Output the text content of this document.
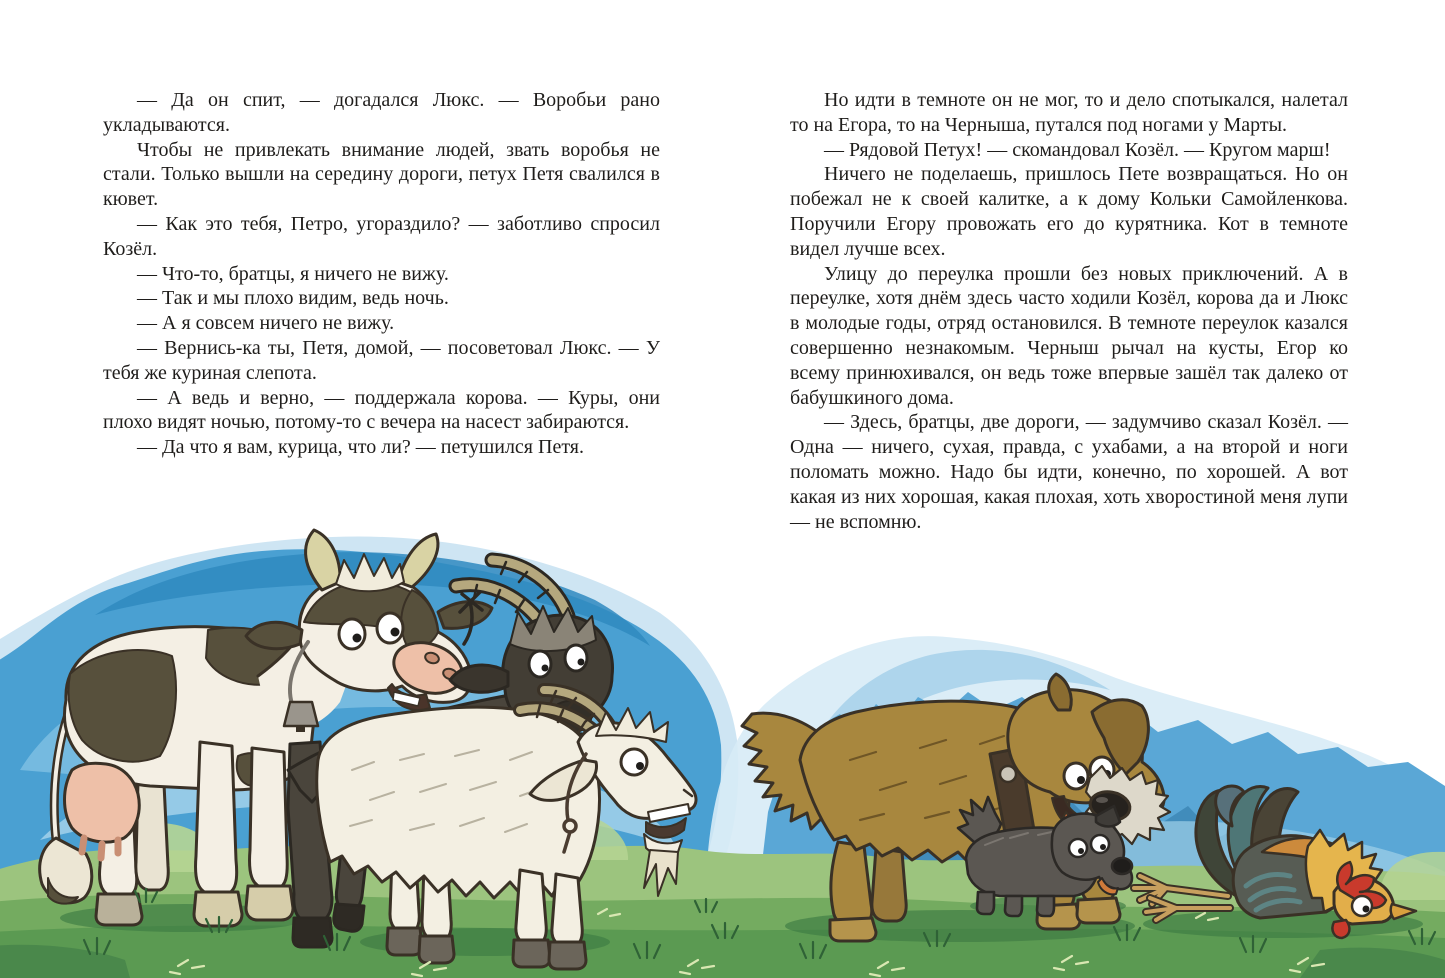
— Да он спит, — догадался Люкс. — Воробьи рано укладываются.

Чтобы не привлекать внимание людей, звать воробья не стали. Только вышли на середину дороги, петух Петя свалился в кювет.

— Как это тебя, Петро, угораздило? — заботливо спросил Козёл.

— Что-то, братцы, я ничего не вижу.

— Так и мы плохо видим, ведь ночь.

— А я совсем ничего не вижу.

— Вернись-ка ты, Петя, домой, — посоветовал Люкс. — У тебя же куриная слепота.

— А ведь и верно, — поддержала корова. — Куры, они плохо видят ночью, потому-то с вечера на насест забираются.

— Да что я вам, курица, что ли? — петушился Петя.

Но идти в темноте он не мог, то и дело спотыкался, налетал то на Егора, то на Черныша, путался под ногами у Марты.

— Рядовой Петух! — скомандовал Козёл. — Кругом марш!

Ничего не поделаешь, пришлось Пете возвращаться. Но он побежал не к своей калитке, а к дому Кольки Самойленкова. Поручили Егору провожать его до курятника. Кот в темноте видел лучше всех.

Улицу до переулка прошли без новых приключений. А в переулке, хотя днём здесь часто ходили Козёл, корова да и Люкс в молодые годы, отряд остановился. В темноте переулок казался совершенно незнакомым. Черныш рычал на кусты, Егор ко всему принюхивался, он ведь тоже впервые зашёл так далеко от бабушкиного дома.

— Здесь, братцы, две дороги, — задумчиво сказал Козёл. — Одна — ничего, сухая, правда, с ухабами, а на второй и ноги поломать можно. Надо бы идти, конечно, по хорошей. А вот какая из них хорошая, какая плохая, хоть хворостиной меня лупи — не вспомню.
